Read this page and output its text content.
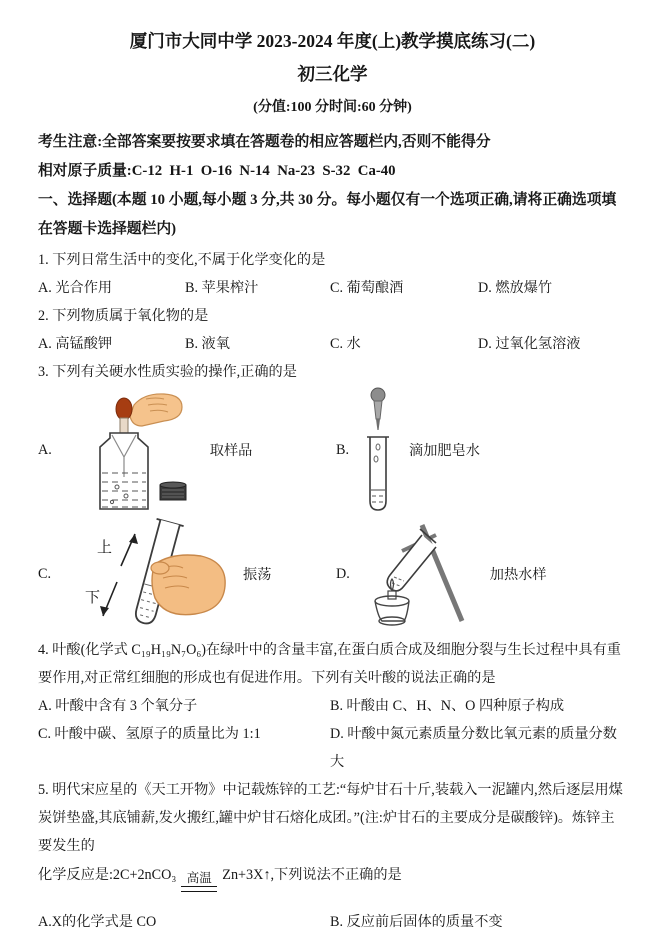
厦门市大同中学 2023-2024 年度(上)教学摸底练习(二)
初三化学
(分值:100 分时间:60 分钟)

考生注意:全部答案要按要求填在答题卷的相应答题栏内,否则不能得分

相对原子质量:C-12  H-1  O-16  N-14  Na-23  S-32  Ca-40

一、选择题(本题 10 小题,每小题 3 分,共 30 分。每小题仅有一个选项正确,请将正确选项填在答题卡选择题栏内)

1. 下列日常生活中的变化,不属于化学变化的是

A. 光合作用	B. 苹果榨汁	C. 葡萄酿酒	D. 燃放爆竹

2. 下列物质属于氧化物的是

A. 高锰酸钾	B. 液氧	C. 水	D. 过氧化氢溶液

3. 下列有关硬水性质实验的操作,正确的是

A.	取样品	B.	滴加肥皂水
C.
上
下
振荡	D.	加热水样

4. 叶酸(化学式 C₁₉H₁₉N₇O₆)在绿叶中的含量丰富,在蛋白质合成及细胞分裂与生长过程中具有重要作用,对正常红细胞的形成也有促进作用。下列有关叶酸的说法正确的是

A. 叶酸中含有 3 个氧分子	B. 叶酸由 C、H、N、O 四种原子构成
C. 叶酸中碳、氢原子的质量比为 1:1	D. 叶酸中氮元素质量分数比氧元素的质量分数大

5. 明代宋应星的《天工开物》中记载炼锌的工艺:“每炉甘石十斤,装载入一泥罐内,然后逐层用煤炭饼垫盛,其底铺薪,发火搬红,罐中炉甘石熔化成团。”(注:炉甘石的主要成分是碳酸锌)。炼锌主要发生的

化学反应是: 2C+2nCO₃ 高温 Zn+3X↑ ,下列说法不正确的是
A.X的化学式是 CO	B. 反应前后固体的质量不变
